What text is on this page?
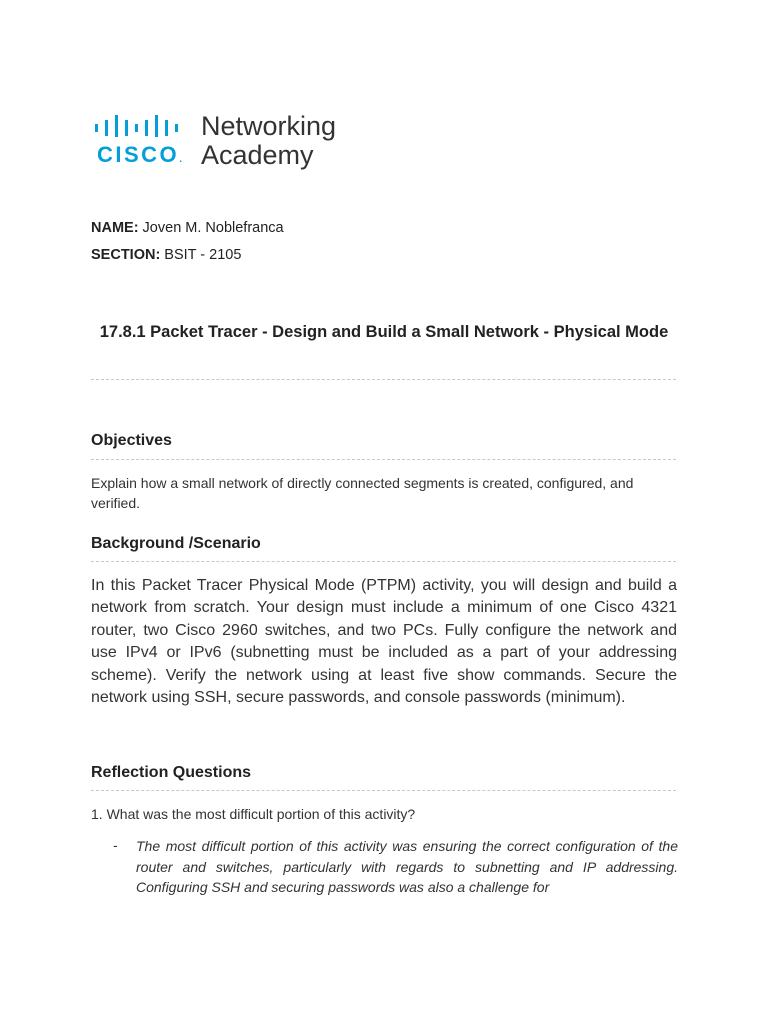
CISCO.
Networking
Academy
NAME: Joven M. Noblefranca
SECTION: BSIT - 2105
17.8.1 Packet Tracer - Design and Build a Small Network - Physical Mode
Objectives
Explain how a small network of directly connected segments is created, configured, and verified.
Background /Scenario
In this Packet Tracer Physical Mode (PTPM) activity, you will design and build a network from scratch. Your design must include a minimum of one Cisco 4321 router, two Cisco 2960 switches, and two PCs. Fully configure the network and use IPv4 or IPv6 (subnetting must be included as a part of your addressing scheme). Verify the network using at least five show commands. Secure the network using SSH, secure passwords, and console passwords (minimum).
Reflection Questions
1. What was the most difficult portion of this activity?
- The most difficult portion of this activity was ensuring the correct configuration of the router and switches, particularly with regards to subnetting and IP addressing. Configuring SSH and securing passwords was also a challenge for
